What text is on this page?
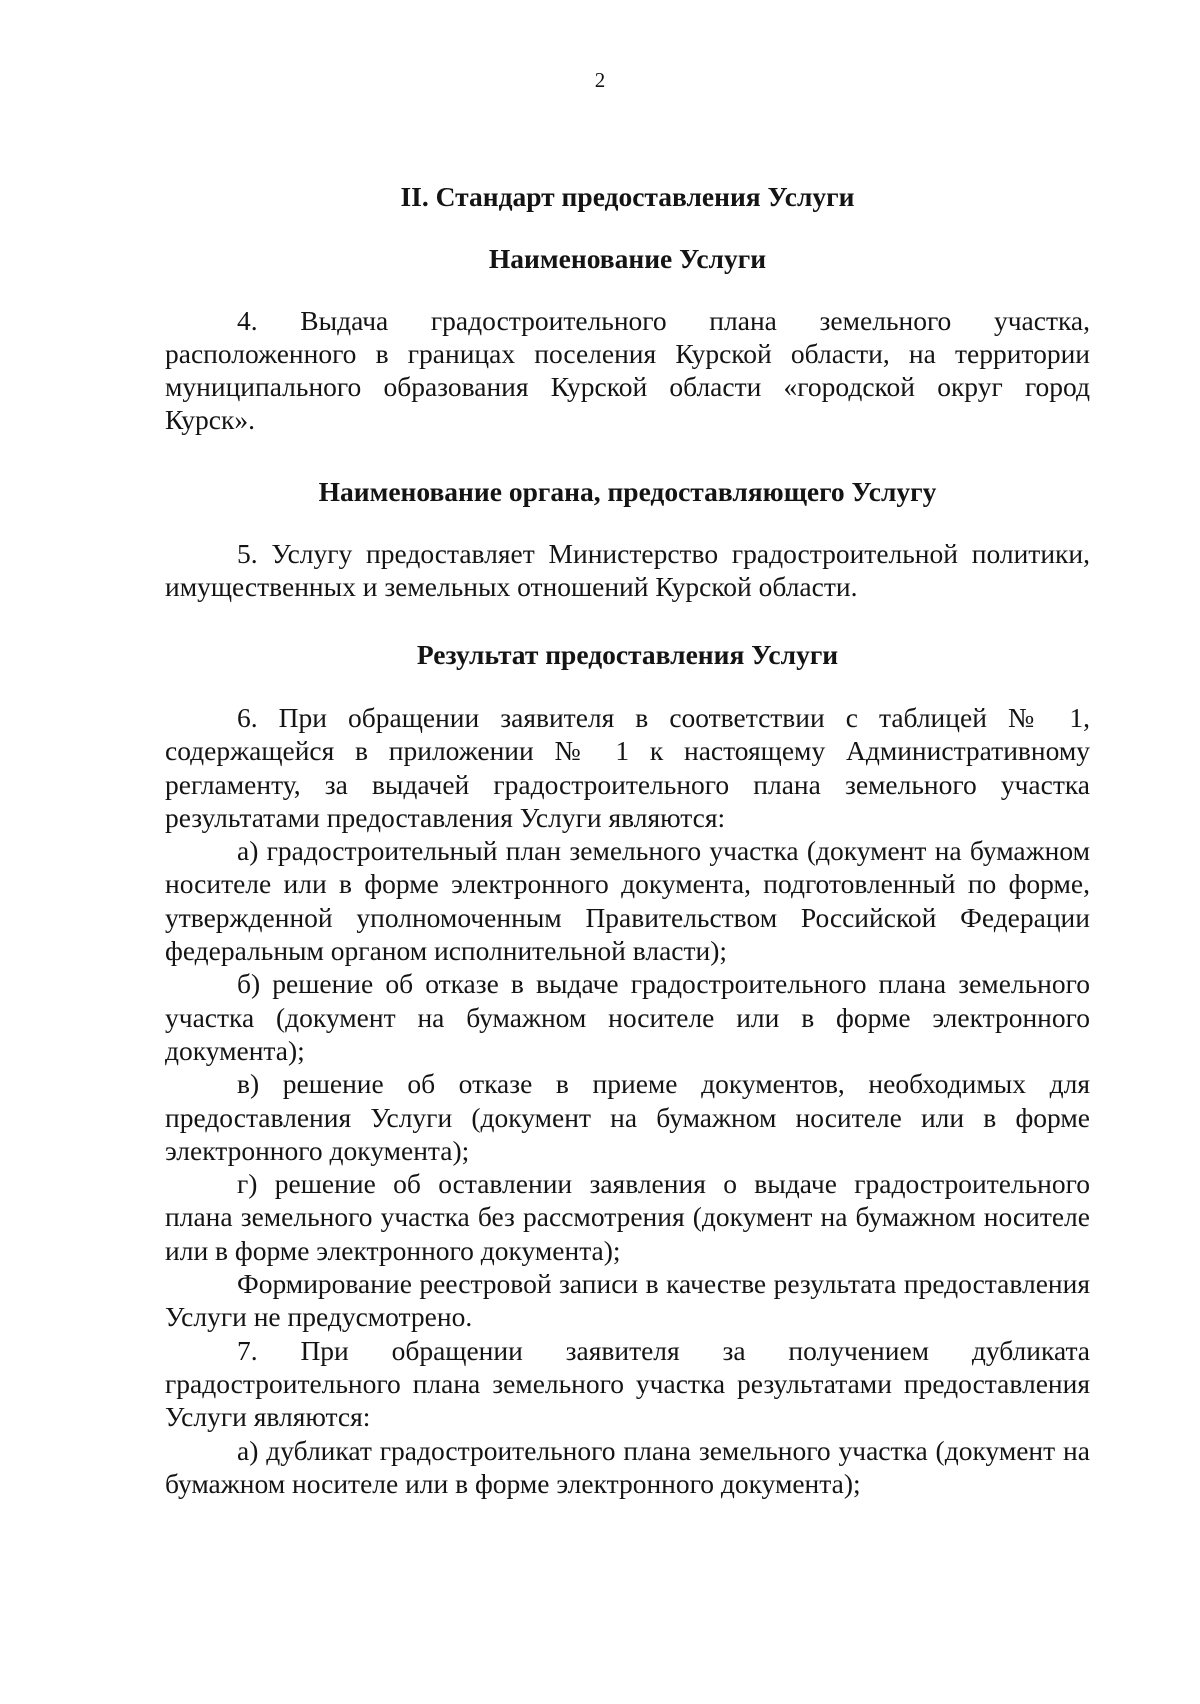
2
II. Стандарт предоставления Услуги
Наименование Услуги

4. Выдача градостроительного плана земельного участка, расположенного в границах поселения Курской области, на территории муниципального образования Курской области «городской округ город Курск».

Наименование органа, предоставляющего Услугу

5. Услугу предоставляет Министерство градостроительной политики, имущественных и земельных отношений Курской области.

Результат предоставления Услуги

6. При обращении заявителя в соответствии с таблицей № 1, содержащейся в приложении № 1 к настоящему Административному регламенту, за выдачей градостроительного плана земельного участка результатами предоставления Услуги являются:

а) градостроительный план земельного участка (документ на бумажном носителе или в форме электронного документа, подготовленный по форме, утвержденной уполномоченным Правительством Российской Федерации федеральным органом исполнительной власти);

б) решение об отказе в выдаче градостроительного плана земельного участка (документ на бумажном носителе или в форме электронного документа);

в) решение об отказе в приеме документов, необходимых для предоставления Услуги (документ на бумажном носителе или в форме электронного документа);

г) решение об оставлении заявления о выдаче градостроительного плана земельного участка без рассмотрения (документ на бумажном носителе или в форме электронного документа);

Формирование реестровой записи в качестве результата предоставления Услуги не предусмотрено.

7. При обращении заявителя за получением дубликата градостроительного плана земельного участка результатами предоставления Услуги являются:

а) дубликат градостроительного плана земельного участка (документ на бумажном носителе или в форме электронного документа);
